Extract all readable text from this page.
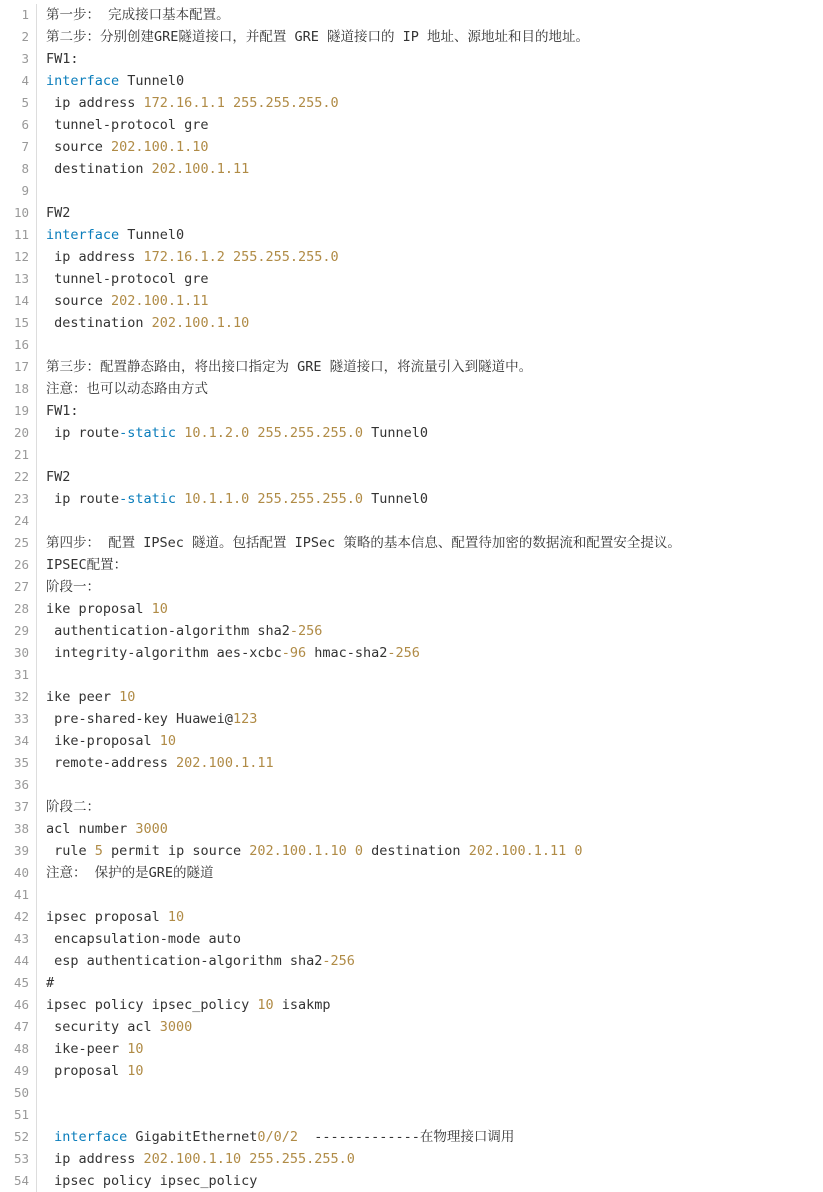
1	第一步： 完成接口基本配置。
2	第二步：分别创建GRE隧道接口，并配置 GRE 隧道接口的 IP 地址、源地址和目的地址。
3	FW1:
4	interface Tunnel0
5	ip address 172.16.1.1 255.255.255.0
6	tunnel-protocol gre
7	source 202.100.1.10
8	destination 202.100.1.11
9
10	FW2
11	interface Tunnel0
12	ip address 172.16.1.2 255.255.255.0
13	tunnel-protocol gre
14	source 202.100.1.11
15	destination 202.100.1.10
16
17	第三步：配置静态路由，将出接口指定为 GRE 隧道接口，将流量引入到隧道中。
18	注意：也可以动态路由方式
19	FW1:
20	ip route-static 10.1.2.0 255.255.255.0 Tunnel0
21
22	FW2
23	ip route-static 10.1.1.0 255.255.255.0 Tunnel0
24
25	第四步： 配置 IPSec 隧道。包括配置 IPSec 策略的基本信息、配置待加密的数据流和配置安全提议。
26	IPSEC配置：
27	阶段一：
28	ike proposal 10
29	authentication-algorithm sha2-256
30	integrity-algorithm aes-xcbc-96 hmac-sha2-256
31
32	ike peer 10
33	pre-shared-key Huawei@123
34	ike-proposal 10
35	remote-address 202.100.1.11
36
37	阶段二：
38	acl number 3000
39	rule 5 permit ip source 202.100.1.10 0 destination 202.100.1.11 0
40	注意： 保护的是GRE的隧道
41
42	ipsec proposal 10
43	encapsulation-mode auto
44	esp authentication-algorithm sha2-256
45	#
46	ipsec policy ipsec_policy 10 isakmp
47	security acl 3000
48	ike-peer 10
49	proposal 10
50
51
52	interface GigabitEthernet0/0/2  -------------在物理接口调用
53	ip address 202.100.1.10 255.255.255.0
54	ipsec policy ipsec_policy
